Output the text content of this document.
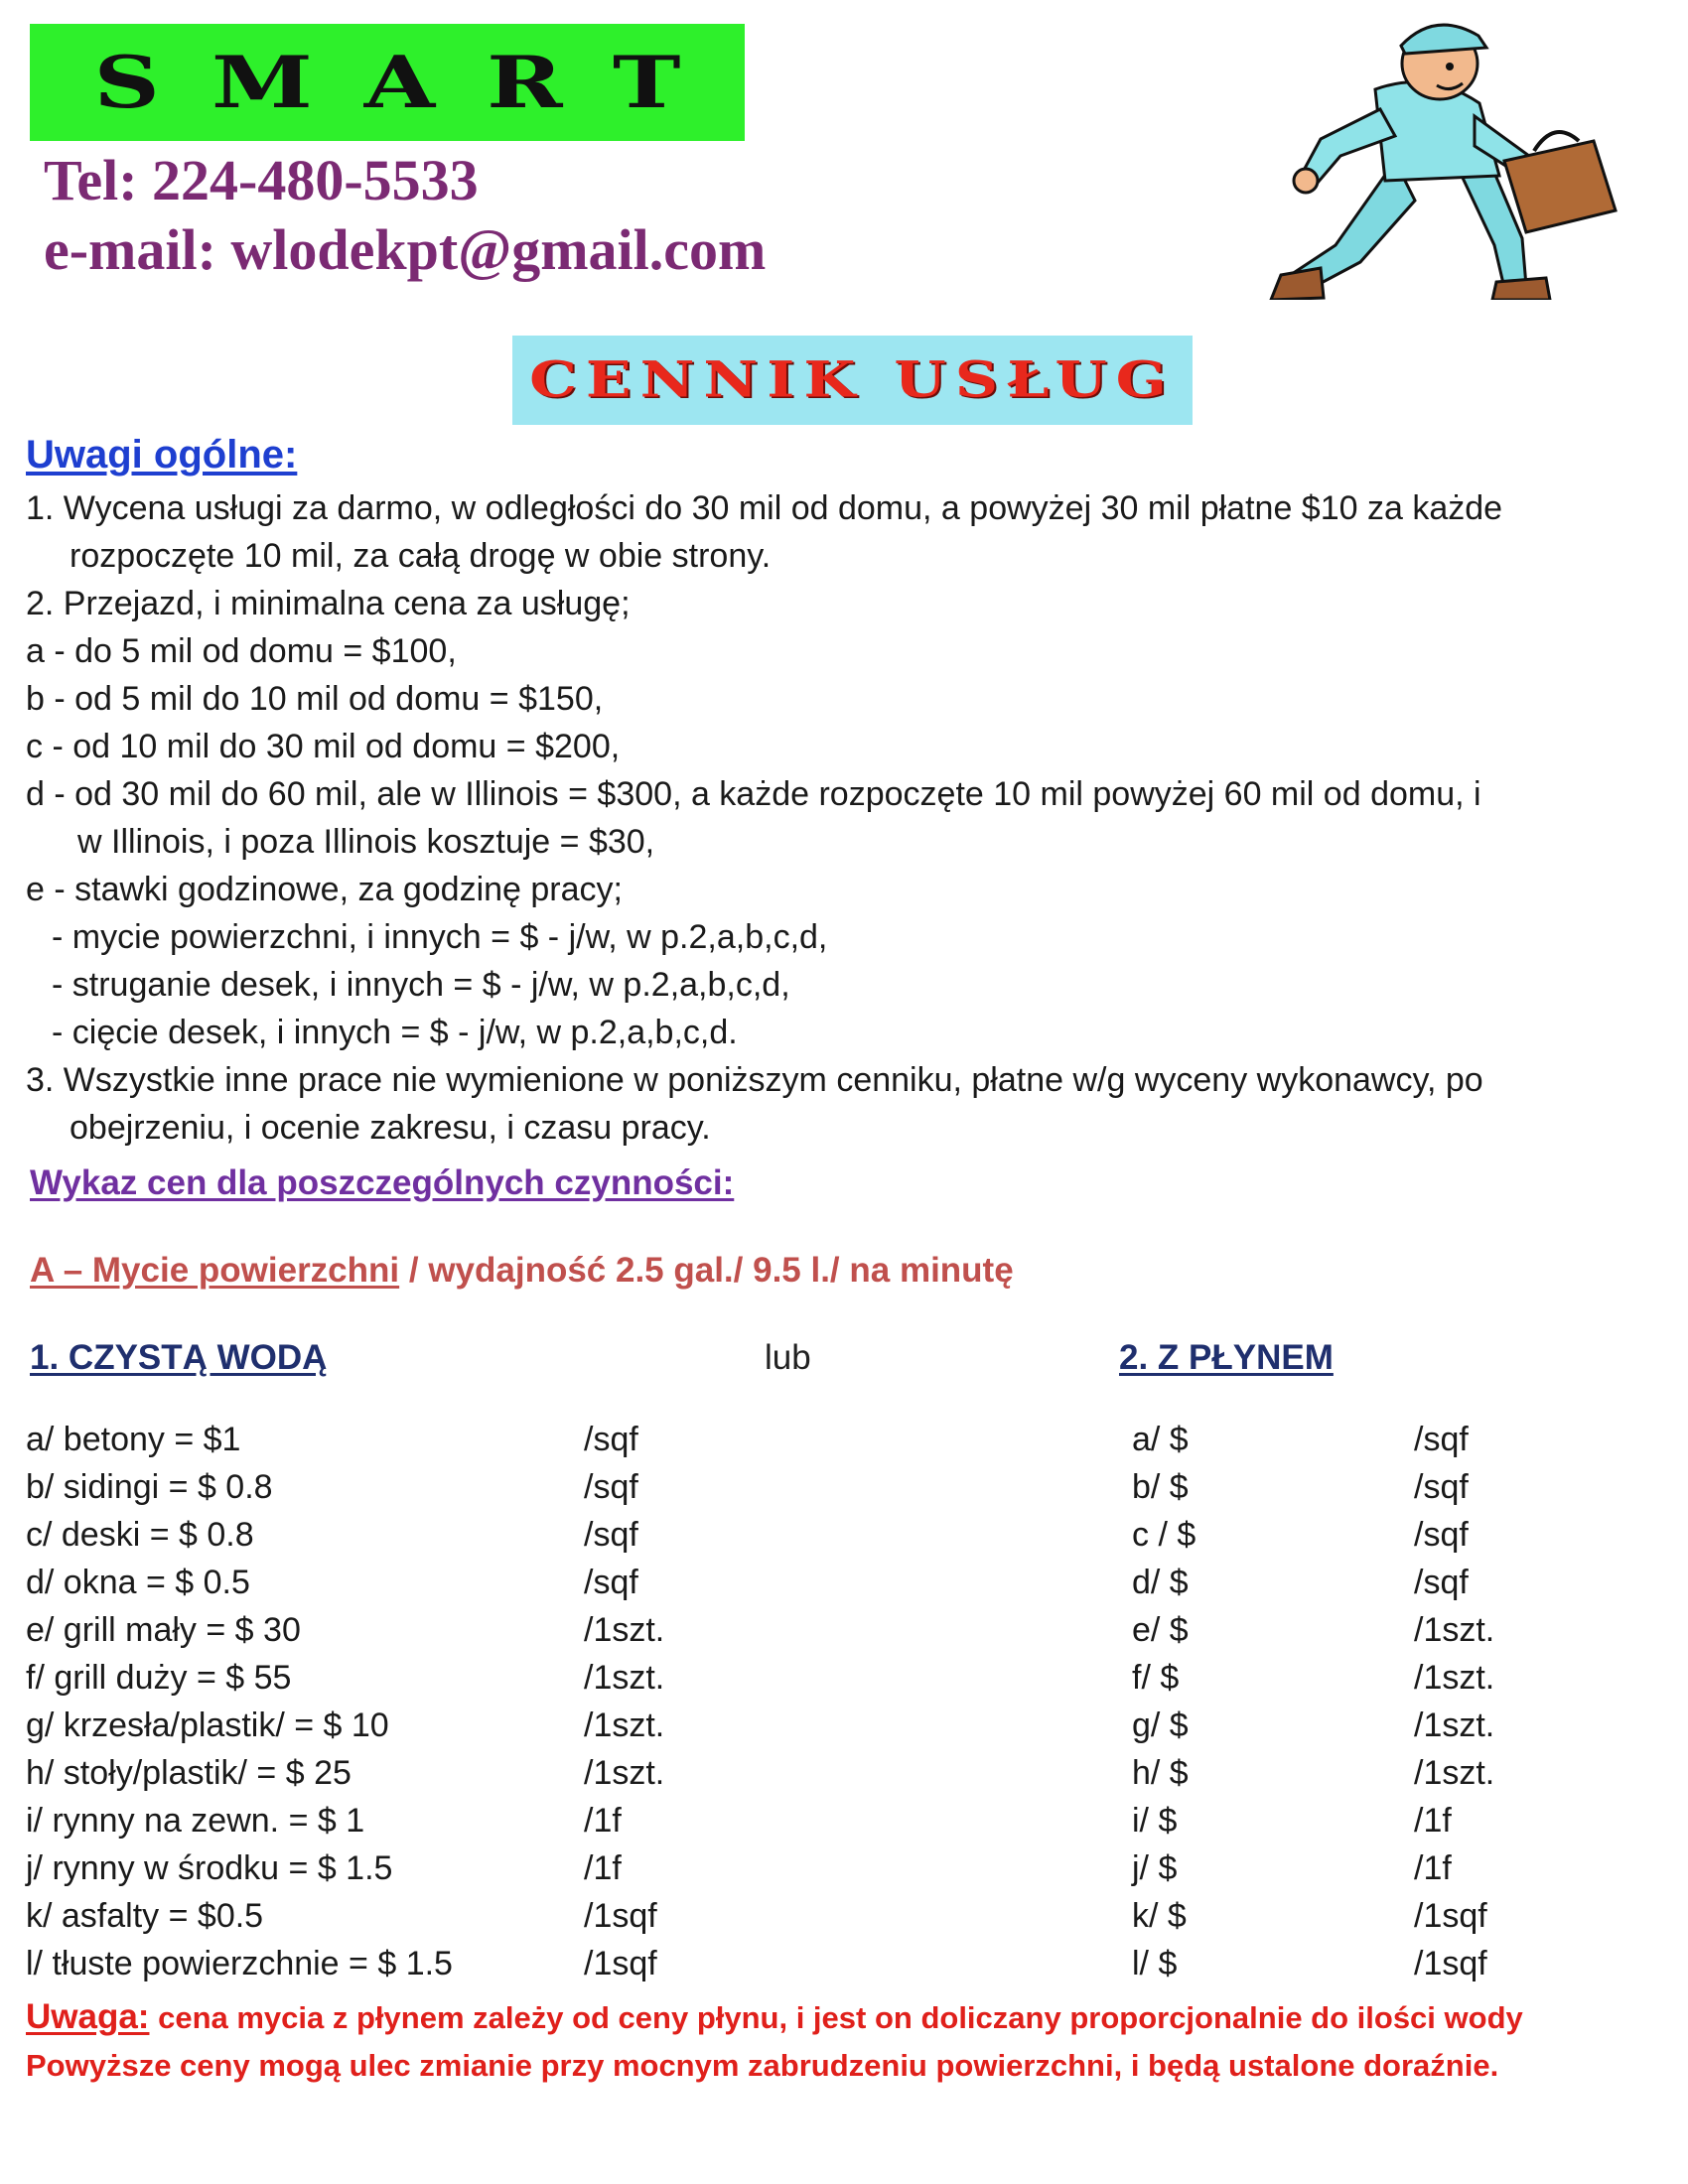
SMART
Tel: 224-480-5533
e-mail: wlodekpt@gmail.com
CENNIK USŁUG
Uwagi ogólne:
1. Wycena usługi za darmo, w odległości do 30 mil od domu, a powyżej 30 mil płatne $10 za każde
rozpoczęte 10 mil, za całą drogę w obie strony.
2. Przejazd, i minimalna cena za usługę;
a - do 5 mil od domu = $100,
b - od 5 mil do 10 mil od domu = $150,
c - od 10 mil do 30 mil od domu = $200,
d - od 30 mil do 60 mil, ale w Illinois = $300, a każde rozpoczęte 10 mil powyżej 60 mil od domu, i
w Illinois, i poza Illinois kosztuje = $30,
e - stawki godzinowe, za godzinę pracy;
- mycie powierzchni, i innych = $ - j/w, w p.2,a,b,c,d,
- struganie desek, i innych = $ - j/w, w p.2,a,b,c,d,
- cięcie desek, i innych = $ - j/w, w p.2,a,b,c,d.
3. Wszystkie inne prace nie wymienione w poniższym cenniku, płatne w/g wyceny wykonawcy, po
obejrzeniu, i ocenie zakresu, i czasu pracy.
Wykaz cen dla poszczególnych czynności:
A – Mycie powierzchni / wydajność 2.5 gal./ 9.5 l./ na minutę
1. CZYSTĄ WODĄ	lub	2. Z PŁYNEM
a/ betony = $1
b/ sidingi = $ 0.8
c/ deski = $ 0.8
d/ okna = $ 0.5
e/ grill mały = $ 30
f/ grill duży = $ 55
g/ krzesła/plastik/ = $ 10
h/ stoły/plastik/ = $ 25
i/ rynny na zewn. = $ 1
j/ rynny w środku = $ 1.5
k/ asfalty = $0.5
l/ tłuste powierzchnie = $ 1.5
/sqf
/sqf
/sqf
/sqf
/1szt.
/1szt.
/1szt.
/1szt.
/1f
/1f
/1sqf
/1sqf
a/ $
b/ $
c / $
d/ $
e/ $
f/ $
g/ $
h/ $
i/ $
j/ $
k/ $
l/ $
/sqf
/sqf
/sqf
/sqf
/1szt.
/1szt.
/1szt.
/1szt.
/1f
/1f
/1sqf
/1sqf
Uwaga: cena mycia z płynem zależy od ceny płynu, i jest on doliczany proporcjonalnie do ilości wody
Powyższe ceny mogą ulec zmianie przy mocnym zabrudzeniu powierzchni, i będą ustalone doraźnie.
